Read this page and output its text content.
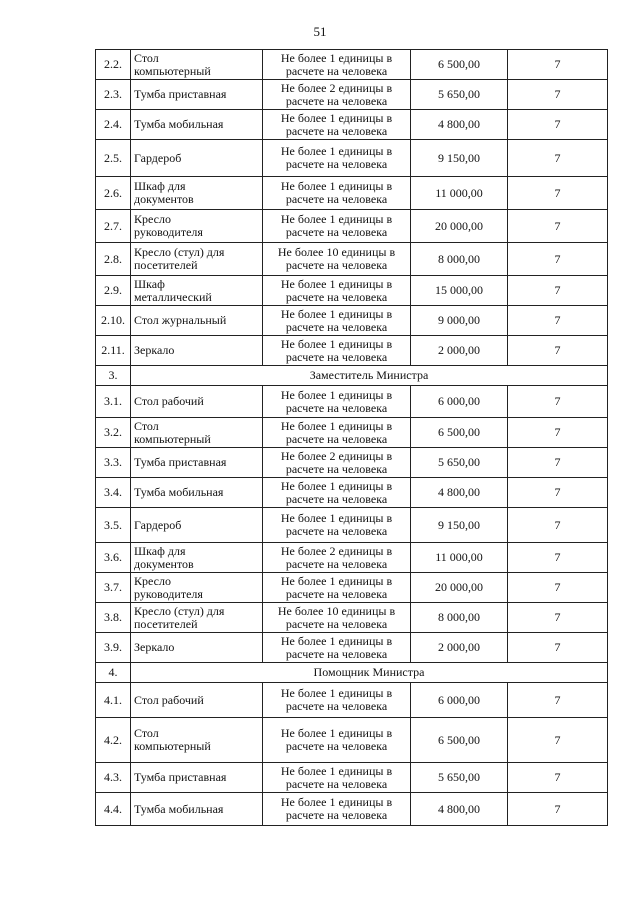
51
2.2.	Стол
компьютерный	Не более 1 единицы в
расчете на человека	6 500,00	7
2.3.	Тумба приставная	Не более 2 единицы в
расчете на человека	5 650,00	7
2.4.	Тумба мобильная	Не более 1 единицы в
расчете на человека	4 800,00	7
2.5.	Гардероб	Не более 1 единицы в
расчете на человека	9 150,00	7
2.6.	Шкаф для
документов	Не более 1 единицы в
расчете на человека	11 000,00	7
2.7.	Кресло
руководителя	Не более 1 единицы в
расчете на человека	20 000,00	7
2.8.	Кресло (стул) для
посетителей	Не более 10 единицы в
расчете на человека	8 000,00	7
2.9.	Шкаф
металлический	Не более 1 единицы в
расчете на человека	15 000,00	7
2.10.	Стол журнальный	Не более 1 единицы в
расчете на человека	9 000,00	7
2.11.	Зеркало	Не более 1 единицы в
расчете на человека	2 000,00	7
3.	Заместитель Министра			
3.1.	Стол рабочий	Не более 1 единицы в
расчете на человека	6 000,00	7
3.2.	Стол
компьютерный	Не более 1 единицы в
расчете на человека	6 500,00	7
3.3.	Тумба приставная	Не более 2 единицы в
расчете на человека	5 650,00	7
3.4.	Тумба мобильная	Не более 1 единицы в
расчете на человека	4 800,00	7
3.5.	Гардероб	Не более 1 единицы в
расчете на человека	9 150,00	7
3.6.	Шкаф для
документов	Не более 2 единицы в
расчете на человека	11 000,00	7
3.7.	Кресло
руководителя	Не более 1 единицы в
расчете на человека	20 000,00	7
3.8.	Кресло (стул) для
посетителей	Не более 10 единицы в
расчете на человека	8 000,00	7
3.9.	Зеркало	Не более 1 единицы в
расчете на человека	2 000,00	7
4.	Помощник Министра			
4.1.	Стол рабочий	Не более 1 единицы в
расчете на человека	6 000,00	7
4.2.	Стол
компьютерный	Не более 1 единицы в
расчете на человека	6 500,00	7
4.3.	Тумба приставная	Не более 1 единицы в
расчете на человека	5 650,00	7
4.4.	Тумба мобильная	Не более 1 единицы в
расчете на человека	4 800,00	7
